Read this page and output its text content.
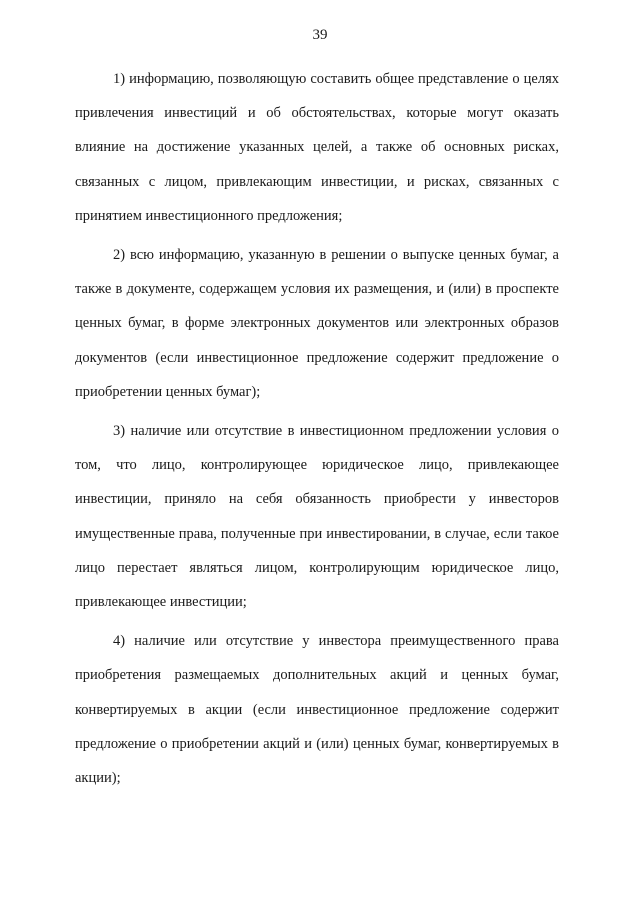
39

1) информацию, позволяющую составить общее представление о целях привлечения инвестиций и об обстоятельствах, которые могут оказать влияние на достижение указанных целей, а также об основных рисках, связанных с лицом, привлекающим инвестиции, и рисках, связанных с принятием инвестиционного предложения;

2) всю информацию, указанную в решении о выпуске ценных бумаг, а также в документе, содержащем условия их размещения, и (или) в проспекте ценных бумаг, в форме электронных документов или электронных образов документов (если инвестиционное предложение содержит предложение о приобретении ценных бумаг);

3) наличие или отсутствие в инвестиционном предложении условия о том, что лицо, контролирующее юридическое лицо, привлекающее инвестиции, приняло на себя обязанность приобрести у инвесторов имущественные права, полученные при инвестировании, в случае, если такое лицо перестает являться лицом, контролирующим юридическое лицо, привлекающее инвестиции;

4) наличие или отсутствие у инвестора преимущественного права приобретения размещаемых дополнительных акций и ценных бумаг, конвертируемых в акции (если инвестиционное предложение содержит предложение о приобретении акций и (или) ценных бумаг, конвертируемых в акции);
